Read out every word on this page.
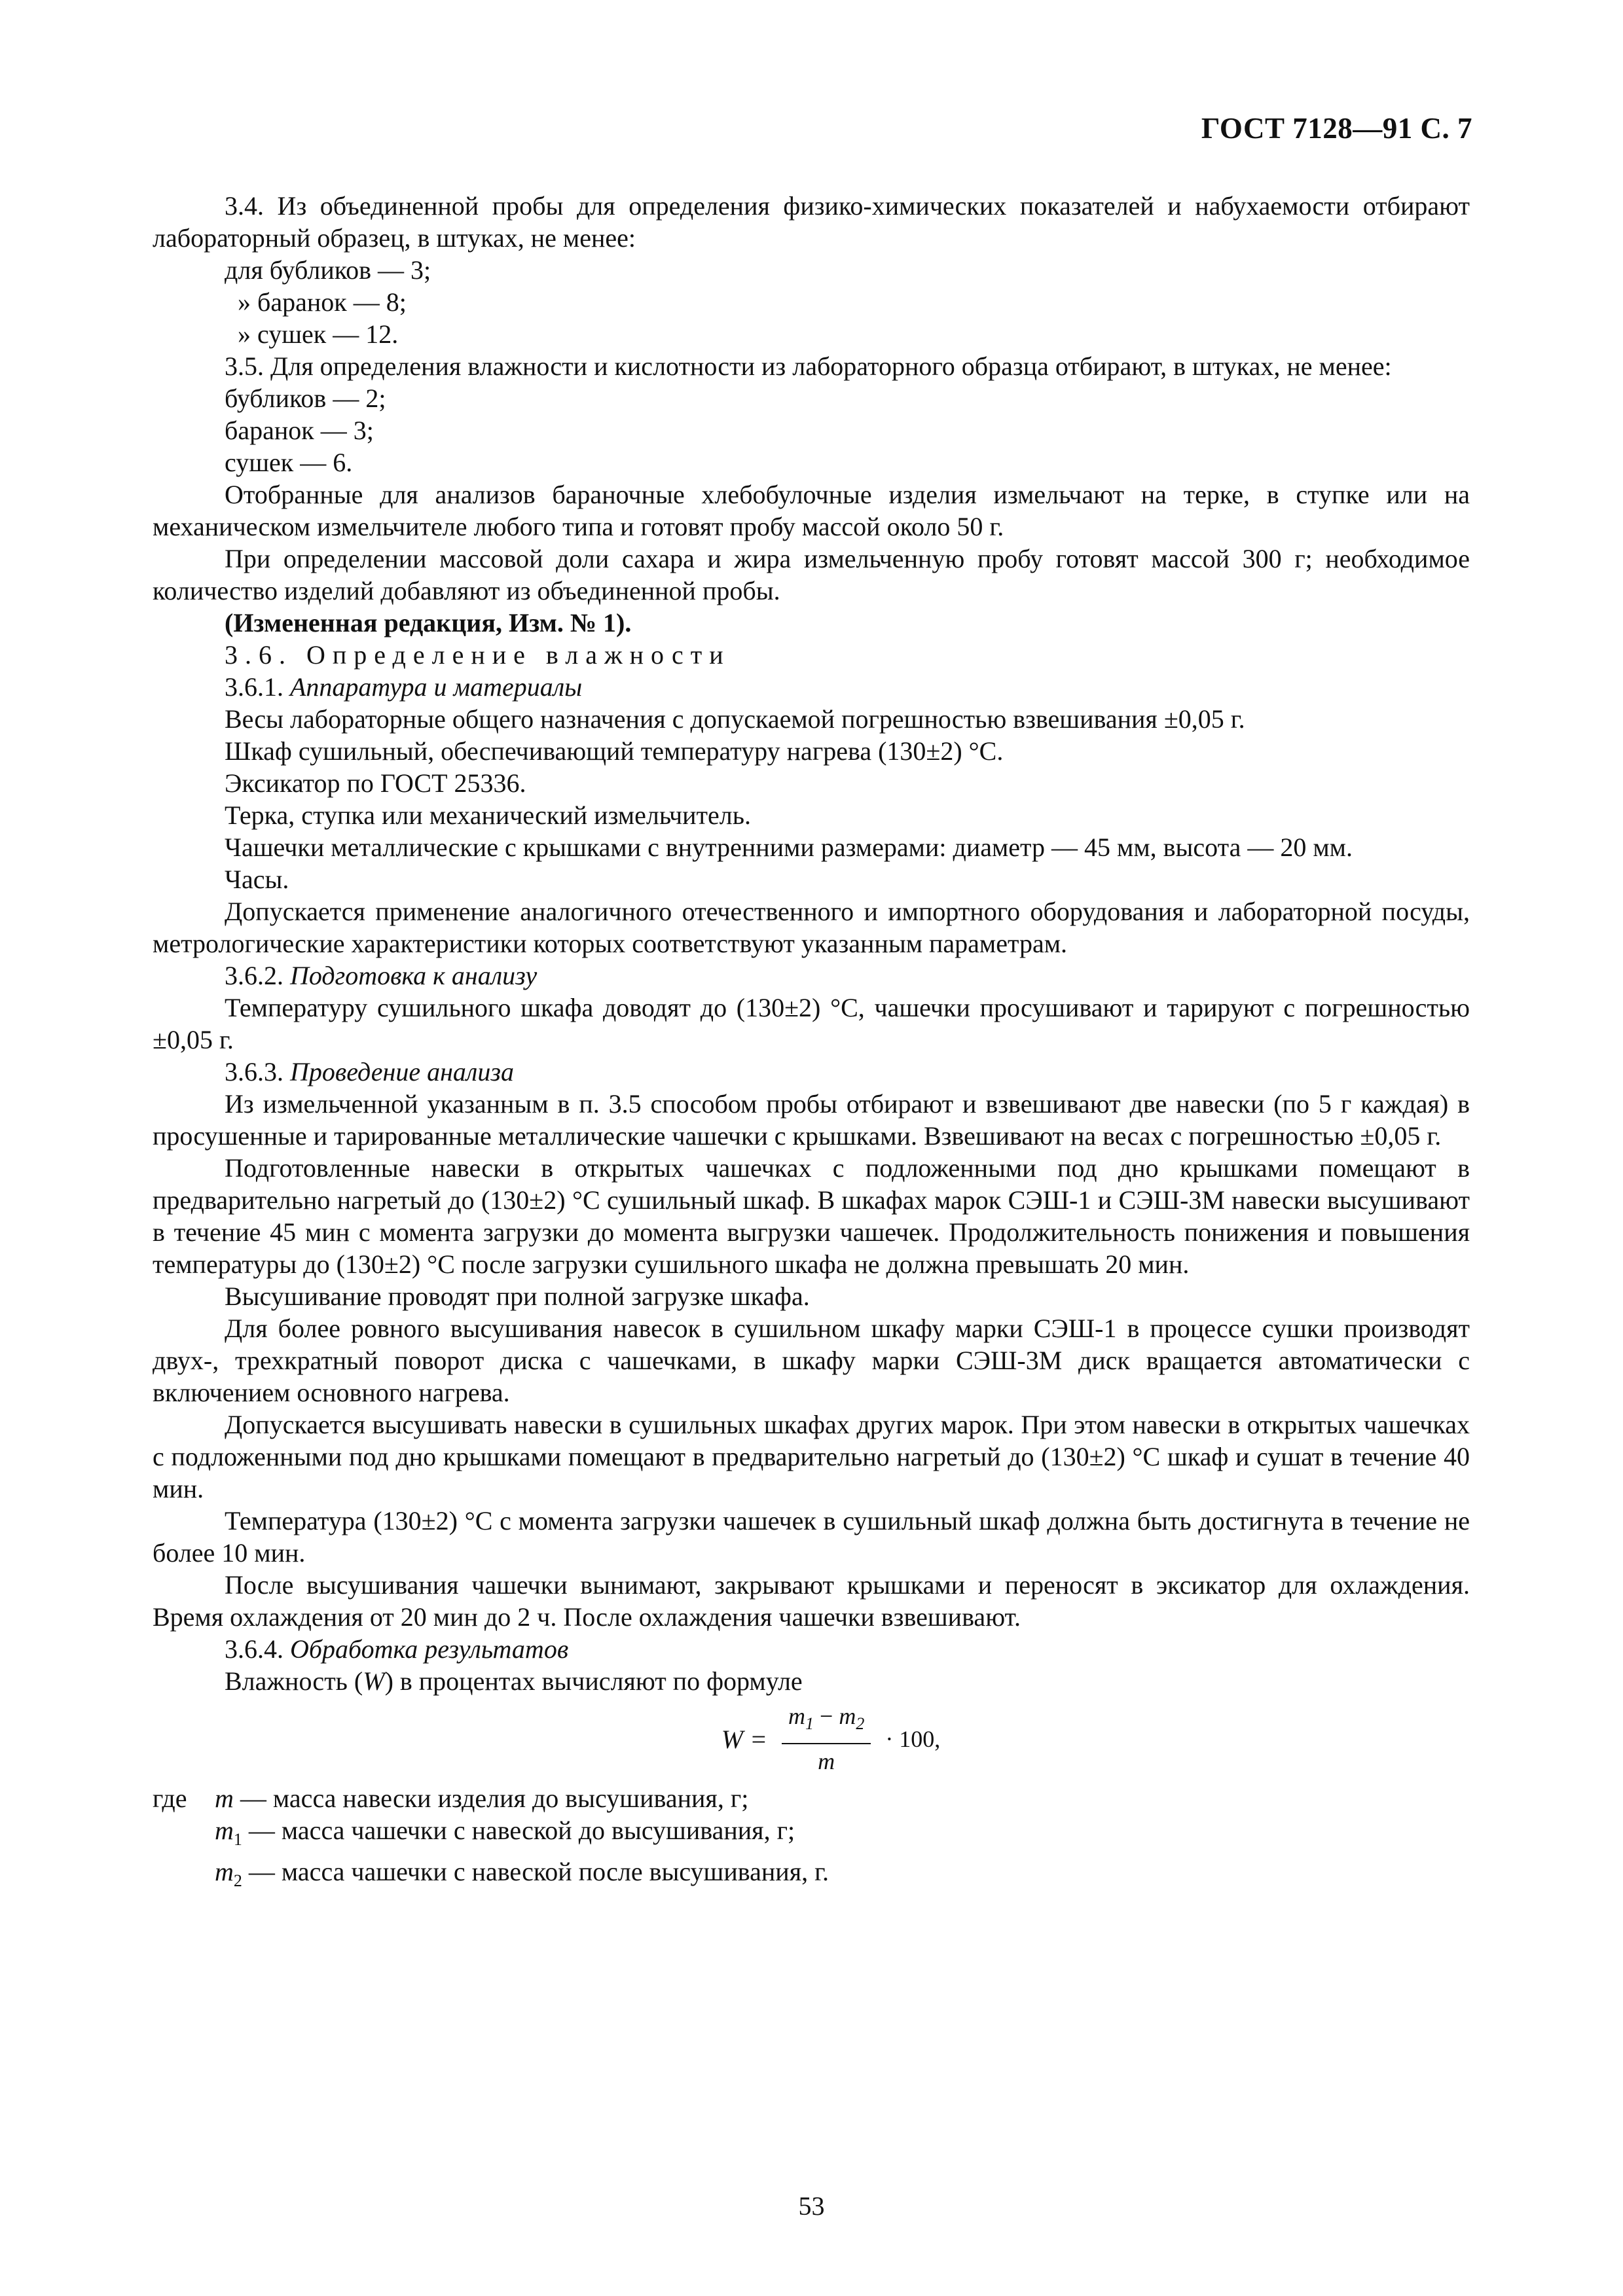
ГОСТ 7128—91 С. 7

3.4. Из объединенной пробы для определения физико-химических показателей и набухаемости отбирают лабораторный образец, в штуках, не менее:

для бубликов — 3;

» баранок — 8;

» сушек — 12.

3.5. Для определения влажности и кислотности из лабораторного образца отбирают, в штуках, не менее:

бубликов — 2;

баранок — 3;

сушек — 6.

Отобранные для анализов бараночные хлебобулочные изделия измельчают на терке, в ступке или на механическом измельчителе любого типа и готовят пробу массой около 50 г.

При определении массовой доли сахара и жира измельченную пробу готовят массой 300 г; необходимое количество изделий добавляют из объединенной пробы.

(Измененная редакция, Изм. № 1).

3.6. Определение влажности

3.6.1. Аппаратура и материалы

Весы лабораторные общего назначения с допускаемой погрешностью взвешивания ±0,05 г.

Шкаф сушильный, обеспечивающий температуру нагрева (130±2) °С.

Эксикатор по ГОСТ 25336.

Терка, ступка или механический измельчитель.

Чашечки металлические с крышками с внутренними размерами: диаметр — 45 мм, высота — 20 мм.

Часы.

Допускается применение аналогичного отечественного и импортного оборудования и лабораторной посуды, метрологические характеристики которых соответствуют указанным параметрам.

3.6.2. Подготовка к анализу

Температуру сушильного шкафа доводят до (130±2) °С, чашечки просушивают и тарируют с погрешностью ±0,05 г.

3.6.3. Проведение анализа

Из измельченной указанным в п. 3.5 способом пробы отбирают и взвешивают две навески (по 5 г каждая) в просушенные и тарированные металлические чашечки с крышками. Взвешивают на весах с погрешностью ±0,05 г.

Подготовленные навески в открытых чашечках с подложенными под дно крышками помещают в предварительно нагретый до (130±2) °С сушильный шкаф. В шкафах марок СЭШ-1 и СЭШ-3М навески высушивают в течение 45 мин с момента загрузки до момента выгрузки чашечек. Продолжительность понижения и повышения температуры до (130±2) °С после загрузки сушильного шкафа не должна превышать 20 мин.

Высушивание проводят при полной загрузке шкафа.

Для более ровного высушивания навесок в сушильном шкафу марки СЭШ-1 в процессе сушки производят двух-, трехкратный поворот диска с чашечками, в шкафу марки СЭШ-3М диск вращается автоматически с включением основного нагрева.

Допускается высушивать навески в сушильных шкафах других марок. При этом навески в открытых чашечках с подложенными под дно крышками помещают в предварительно нагретый до (130±2) °С шкаф и сушат в течение 40 мин.

Температура (130±2) °С с момента загрузки чашечек в сушильный шкаф должна быть достигнута в течение не более 10 мин.

После высушивания чашечки вынимают, закрывают крышками и переносят в эксикатор для охлаждения. Время охлаждения от 20 мин до 2 ч. После охлаждения чашечки взвешивают.

3.6.4. Обработка результатов

Влажность (W) в процентах вычисляют по формуле

$W = \frac{m_1 - m_2}{m} \cdot 100$,
где	m — масса навески изделия до высушивания, г;

$m_1$ — масса чашечки с навеской до высушивания, г;

$m_2$ — масса чашечки с навеской после высушивания, г.

53
